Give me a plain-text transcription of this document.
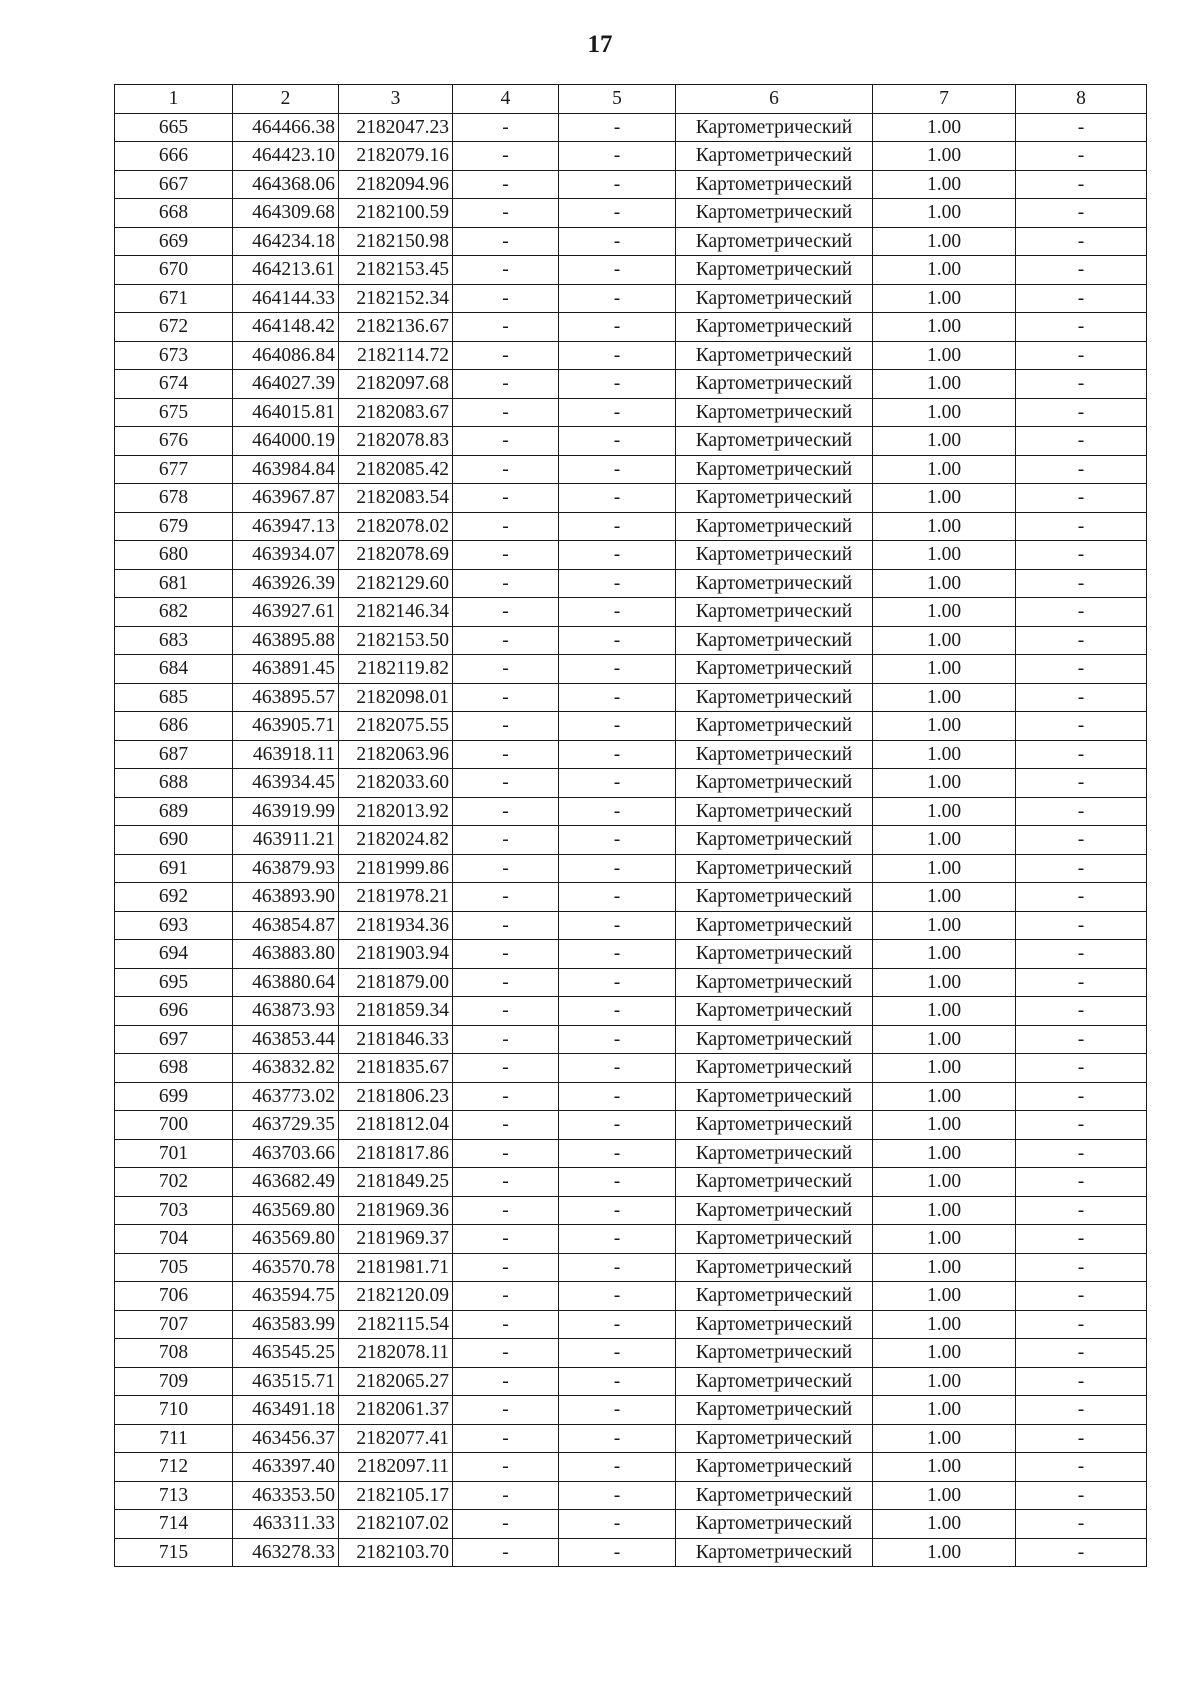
17
1	2	3	4	5	6	7	8
665	464466.38	2182047.23	-	-	Картометрический	1.00	-
666	464423.10	2182079.16	-	-	Картометрический	1.00	-
667	464368.06	2182094.96	-	-	Картометрический	1.00	-
668	464309.68	2182100.59	-	-	Картометрический	1.00	-
669	464234.18	2182150.98	-	-	Картометрический	1.00	-
670	464213.61	2182153.45	-	-	Картометрический	1.00	-
671	464144.33	2182152.34	-	-	Картометрический	1.00	-
672	464148.42	2182136.67	-	-	Картометрический	1.00	-
673	464086.84	2182114.72	-	-	Картометрический	1.00	-
674	464027.39	2182097.68	-	-	Картометрический	1.00	-
675	464015.81	2182083.67	-	-	Картометрический	1.00	-
676	464000.19	2182078.83	-	-	Картометрический	1.00	-
677	463984.84	2182085.42	-	-	Картометрический	1.00	-
678	463967.87	2182083.54	-	-	Картометрический	1.00	-
679	463947.13	2182078.02	-	-	Картометрический	1.00	-
680	463934.07	2182078.69	-	-	Картометрический	1.00	-
681	463926.39	2182129.60	-	-	Картометрический	1.00	-
682	463927.61	2182146.34	-	-	Картометрический	1.00	-
683	463895.88	2182153.50	-	-	Картометрический	1.00	-
684	463891.45	2182119.82	-	-	Картометрический	1.00	-
685	463895.57	2182098.01	-	-	Картометрический	1.00	-
686	463905.71	2182075.55	-	-	Картометрический	1.00	-
687	463918.11	2182063.96	-	-	Картометрический	1.00	-
688	463934.45	2182033.60	-	-	Картометрический	1.00	-
689	463919.99	2182013.92	-	-	Картометрический	1.00	-
690	463911.21	2182024.82	-	-	Картометрический	1.00	-
691	463879.93	2181999.86	-	-	Картометрический	1.00	-
692	463893.90	2181978.21	-	-	Картометрический	1.00	-
693	463854.87	2181934.36	-	-	Картометрический	1.00	-
694	463883.80	2181903.94	-	-	Картометрический	1.00	-
695	463880.64	2181879.00	-	-	Картометрический	1.00	-
696	463873.93	2181859.34	-	-	Картометрический	1.00	-
697	463853.44	2181846.33	-	-	Картометрический	1.00	-
698	463832.82	2181835.67	-	-	Картометрический	1.00	-
699	463773.02	2181806.23	-	-	Картометрический	1.00	-
700	463729.35	2181812.04	-	-	Картометрический	1.00	-
701	463703.66	2181817.86	-	-	Картометрический	1.00	-
702	463682.49	2181849.25	-	-	Картометрический	1.00	-
703	463569.80	2181969.36	-	-	Картометрический	1.00	-
704	463569.80	2181969.37	-	-	Картометрический	1.00	-
705	463570.78	2181981.71	-	-	Картометрический	1.00	-
706	463594.75	2182120.09	-	-	Картометрический	1.00	-
707	463583.99	2182115.54	-	-	Картометрический	1.00	-
708	463545.25	2182078.11	-	-	Картометрический	1.00	-
709	463515.71	2182065.27	-	-	Картометрический	1.00	-
710	463491.18	2182061.37	-	-	Картометрический	1.00	-
711	463456.37	2182077.41	-	-	Картометрический	1.00	-
712	463397.40	2182097.11	-	-	Картометрический	1.00	-
713	463353.50	2182105.17	-	-	Картометрический	1.00	-
714	463311.33	2182107.02	-	-	Картометрический	1.00	-
715	463278.33	2182103.70	-	-	Картометрический	1.00	-
